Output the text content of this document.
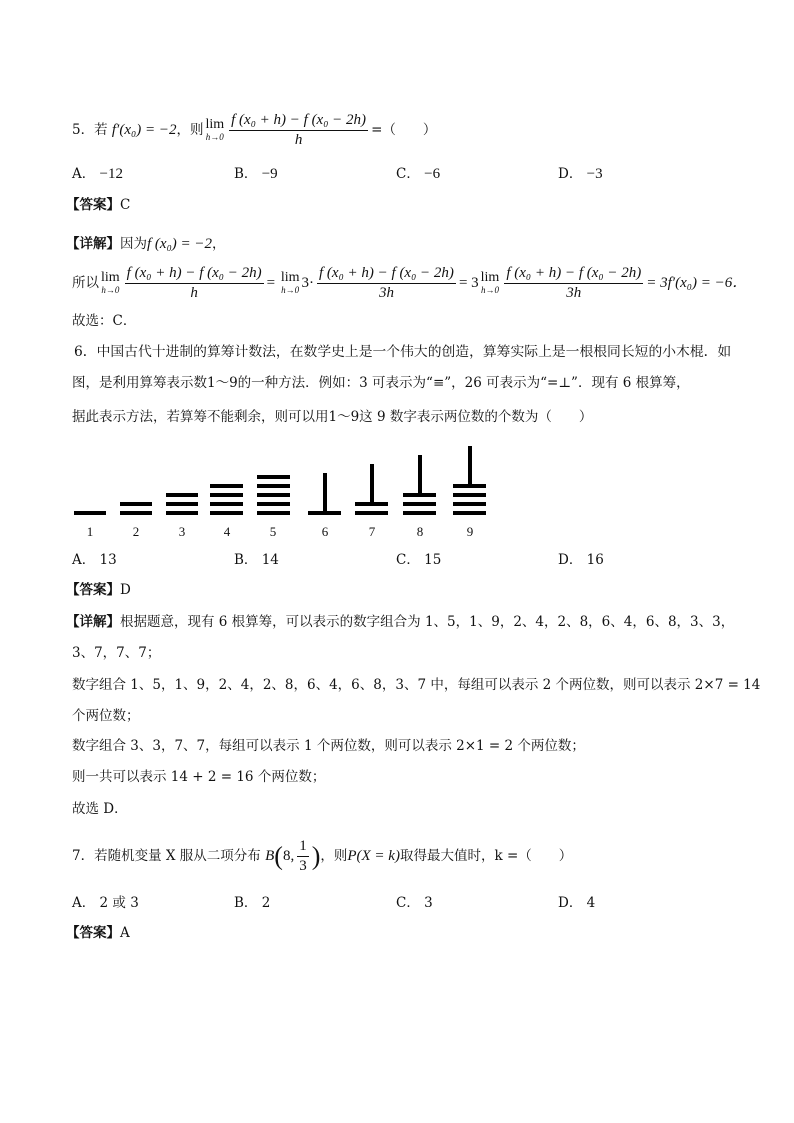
5．若 f′(x₀) = −2，则 lim
$h\to 0 \frac{\text{f (x₀ + h) − f (x₀ − 2h)}}{h}$ =（　　）
A． −12	B． −9	C． −6	D． −3
【答案】C
【详解】因为f (x₀) = −2，
所以 lim
$h\to 0 \frac{\text{f (x₀ + h) − f (x₀ − 2h)}}{h} = \lim$
h→0 $3\cdot \frac{\text{f (x₀ + h) − f (x₀ − 2h)}}{3h} = 3$ lim
$h\to 0 \frac{\text{f (x₀ + h) − f (x₀ − 2h)}}{3h} = 3f'(x_0) = -6$．
故选：C．
6．中国古代十进制的算筹计数法，在数学史上是一个伟大的创造，算筹实际上是一根根同长短的小木棍．如
图，是利用算筹表示数1～9的一种方法．例如：3 可表示为“≡”，26 可表示为“=⊥”．现有 6 根算筹，
据此表示方法，若算筹不能剩余，则可以用1～9这 9 数字表示两位数的个数为（　　）
1	2	3	4	5	6	7	8	9
A． 13	B． 14	C． 15	D． 16
【答案】D
【详解】根据题意，现有 6 根算筹，可以表示的数字组合为 1、5，1、9，2、4，2、8，6、4，6、8，3、3，
3、7，7、7；
数字组合 1、5，1、9，2、4，2、8，6、4，6、8，3、7 中，每组可以表示 2 个两位数，则可以表示 2×7 = 14
个两位数；
数字组合 3、3，7、7，每组可以表示 1 个两位数，则可以表示 2×1 = 2 个两位数；
则一共可以表示 14 + 2 = 16 个两位数；
故选 D．
7．若随机变量 X 服从二项分布 B(8, $\frac{1}{3}$ )，则P(X = k)取得最大值时，k =（　　）
A． 2 或 3	B． 2	C． 3	D． 4
【答案】A
